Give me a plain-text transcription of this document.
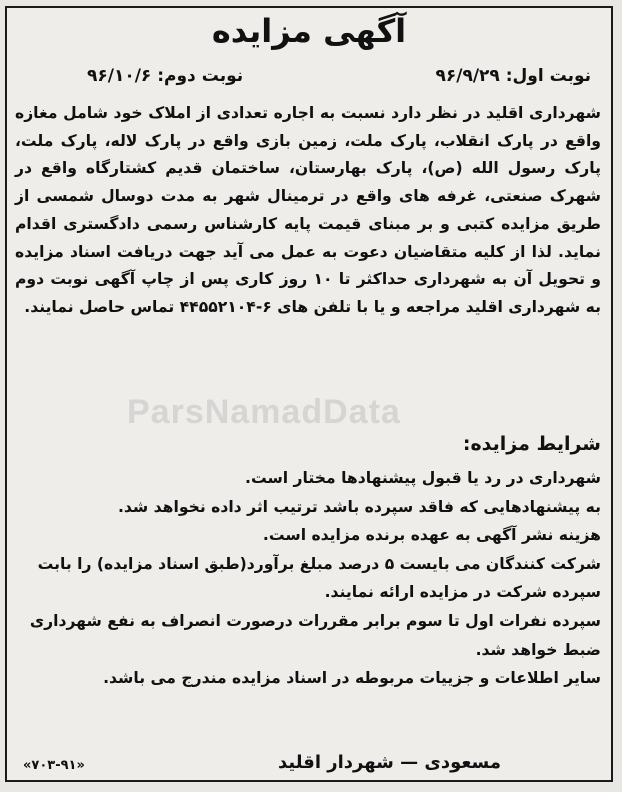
آگهی مزایده
نوبت اول: ۹۶/۹/۲۹
نوبت دوم: ۹۶/۱۰/۶
شهرداری اقلید در نظر دارد نسبت به اجاره تعدادی از املاک خود شامل مغازه واقع در پارک انقلاب، پارک ملت، زمین بازی واقع در پارک لاله، پارک ملت، پارک رسول الله (ص)، پارک بهارستان، ساختمان قدیم کشتارگاه واقع در شهرک صنعتی، غرفه های واقع در ترمینال شهر به مدت دوسال شمسی از طریق مزایده کتبی و بر مبنای قیمت پایه کارشناس رسمی دادگستری اقدام نماید. لذا از کلیه متقاضیان دعوت به عمل می آید جهت دریافت اسناد مزایده و تحویل آن به شهرداری حداکثر تا ۱۰ روز کاری پس از چاپ آگهی نوبت دوم به شهرداری اقلید مراجعه و یا با تلفن های ۶-۴۴۵۵۲۱۰۴ تماس حاصل نمایند.
ParsNamadData
شرایط مزایده:

شهرداری در رد یا قبول پیشنهادها مختار است.

به پیشنهادهایی که فاقد سپرده باشد ترتیب اثر داده نخواهد شد.

هزینه نشر آگهی به عهده برنده مزایده است.

شرکت کنندگان می بایست ۵ درصد مبلغ برآورد(طبق اسناد مزایده) را بابت سپرده شرکت در مزایده ارائه نمایند.

سپرده نفرات اول تا سوم برابر مقررات درصورت انصراف به نفع شهرداری ضبط خواهد شد.

سایر اطلاعات و جزییات مربوطه در اسناد مزایده مندرج می باشد.

مسعودی — شهردار اقلید
«۷۰۳-۹۱»
